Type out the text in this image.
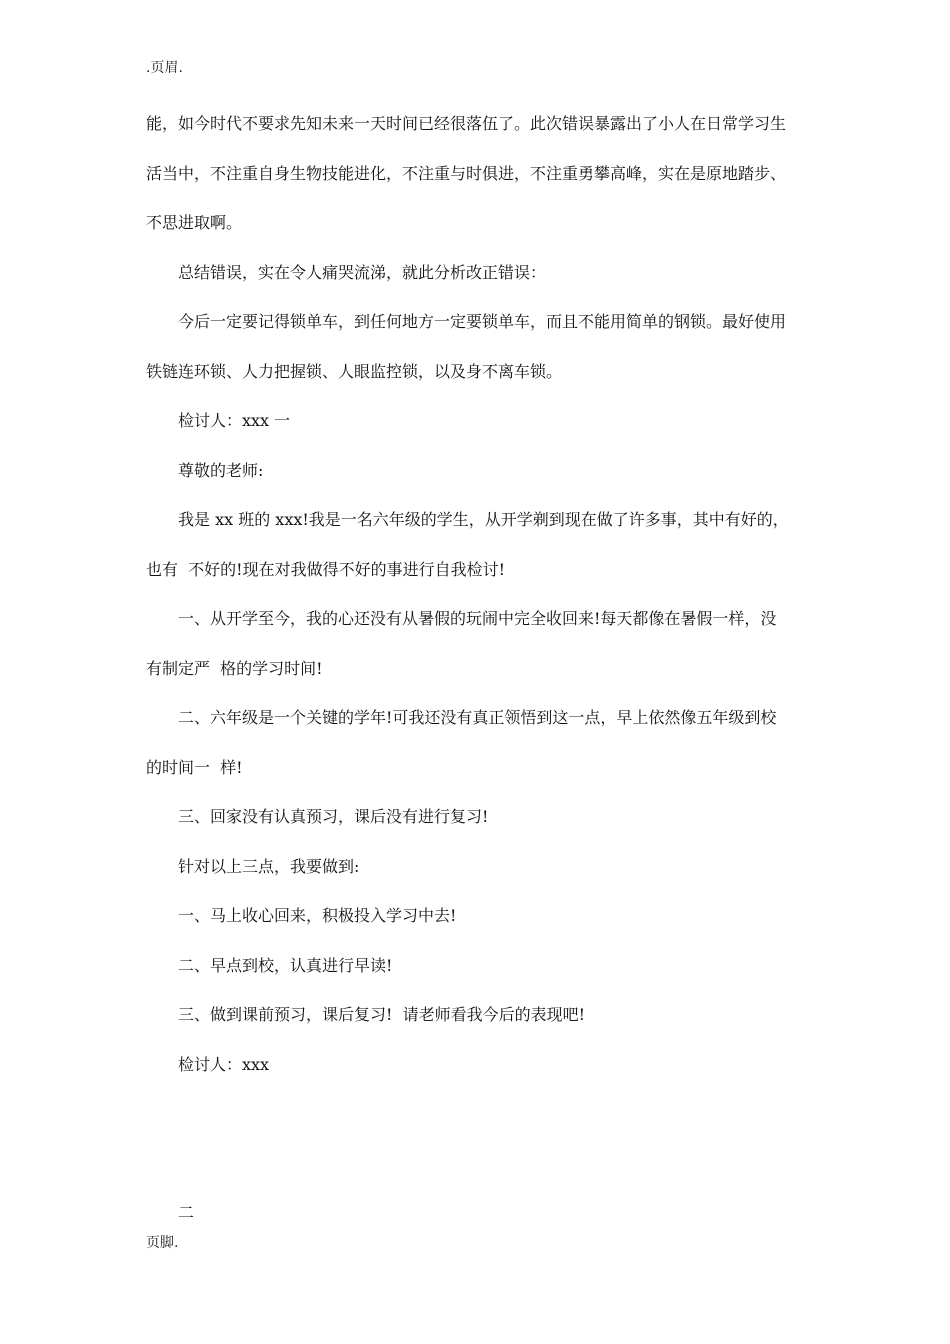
.页眉.
能，如今时代不要求先知未来一天时间已经很落伍了。此次错误暴露出了小人在日常学习生
活当中，不注重自身生物技能进化，不注重与时俱进，不注重勇攀高峰，实在是原地踏步、
不思进取啊。
总结错误，实在令人痛哭流涕，就此分析改正错误：
今后一定要记得锁单车，到任何地方一定要锁单车，而且不能用简单的钢锁。最好使用
铁链连环锁、人力把握锁、人眼监控锁，以及身不离车锁。
检讨人：xxx 一
尊敬的老师:
我是 xx 班的 xxx!我是一名六年级的学生，从开学剃到现在做了许多事，其中有好的，
也有  不好的!现在对我做得不好的事进行自我检讨!
一、从开学至今，我的心还没有从暑假的玩闹中完全收回来!每天都像在暑假一样，没
有制定严  格的学习时间!
二、六年级是一个关键的学年!可我还没有真正领悟到这一点，早上依然像五年级到校
的时间一  样!
三、回家没有认真预习，课后没有进行复习!
针对以上三点，我要做到:
一、马上收心回来，积极投入学习中去!
二、早点到校，认真进行早读!
三、做到课前预习，课后复习!  请老师看我今后的表现吧!
检讨人：xxx
二
页脚.
